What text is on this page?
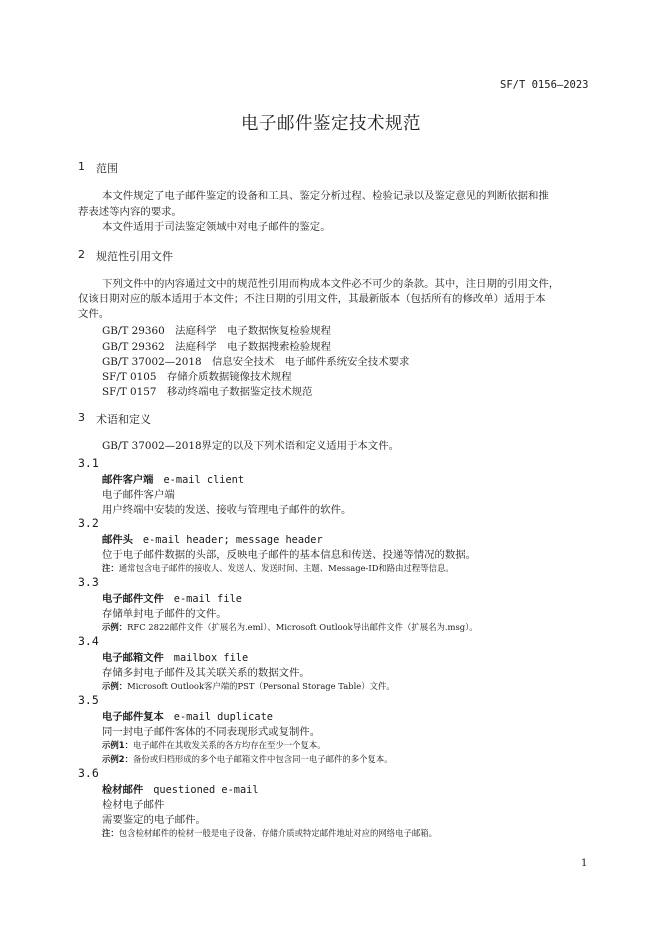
SF/T 0156—2023
电子邮件鉴定技术规范
1 范围
本文件规定了电子邮件鉴定的设备和工具、鉴定分析过程、检验记录以及鉴定意见的判断依据和推
荐表述等内容的要求。
本文件适用于司法鉴定领域中对电子邮件的鉴定。
2 规范性引用文件
下列文件中的内容通过文中的规范性引用而构成本文件必不可少的条款。其中，注日期的引用文件，
仅该日期对应的版本适用于本文件；不注日期的引用文件，其最新版本（包括所有的修改单）适用于本
文件。
GB/T 29360　法庭科学　电子数据恢复检验规程
GB/T 29362　法庭科学　电子数据搜索检验规程
GB/T 37002—2018　信息安全技术　电子邮件系统安全技术要求
SF/T 0105　存储介质数据镜像技术规程
SF/T 0157　移动终端电子数据鉴定技术规范
3 术语和定义
GB/T 37002—2018界定的以及下列术语和定义适用于本文件。
3.1
邮件客户端 e-mail client
电子邮件客户端
用户终端中安装的发送、接收与管理电子邮件的软件。
3.2
邮件头 e-mail header; message header
位于电子邮件数据的头部，反映电子邮件的基本信息和传送、投递等情况的数据。
注：通常包含电子邮件的接收人、发送人、发送时间、主题、Message-ID和路由过程等信息。
3.3
电子邮件文件 e-mail file
存储单封电子邮件的文件。
示例：RFC 2822邮件文件（扩展名为.eml）、Microsoft Outlook导出邮件文件（扩展名为.msg）。
3.4
电子邮箱文件 mailbox file
存储多封电子邮件及其关联关系的数据文件。
示例：Microsoft Outlook客户端的PST（Personal Storage Table）文件。
3.5
电子邮件复本 e-mail duplicate
同一封电子邮件客体的不同表现形式或复制件。
示例1：电子邮件在其收发关系的各方均存在至少一个复本。
示例2：备份或归档形成的多个电子邮箱文件中包含同一电子邮件的多个复本。
3.6
检材邮件 questioned e-mail
检材电子邮件
需要鉴定的电子邮件。
注：包含检材邮件的检材一般是电子设备、存储介质或特定邮件地址对应的网络电子邮箱。
1
